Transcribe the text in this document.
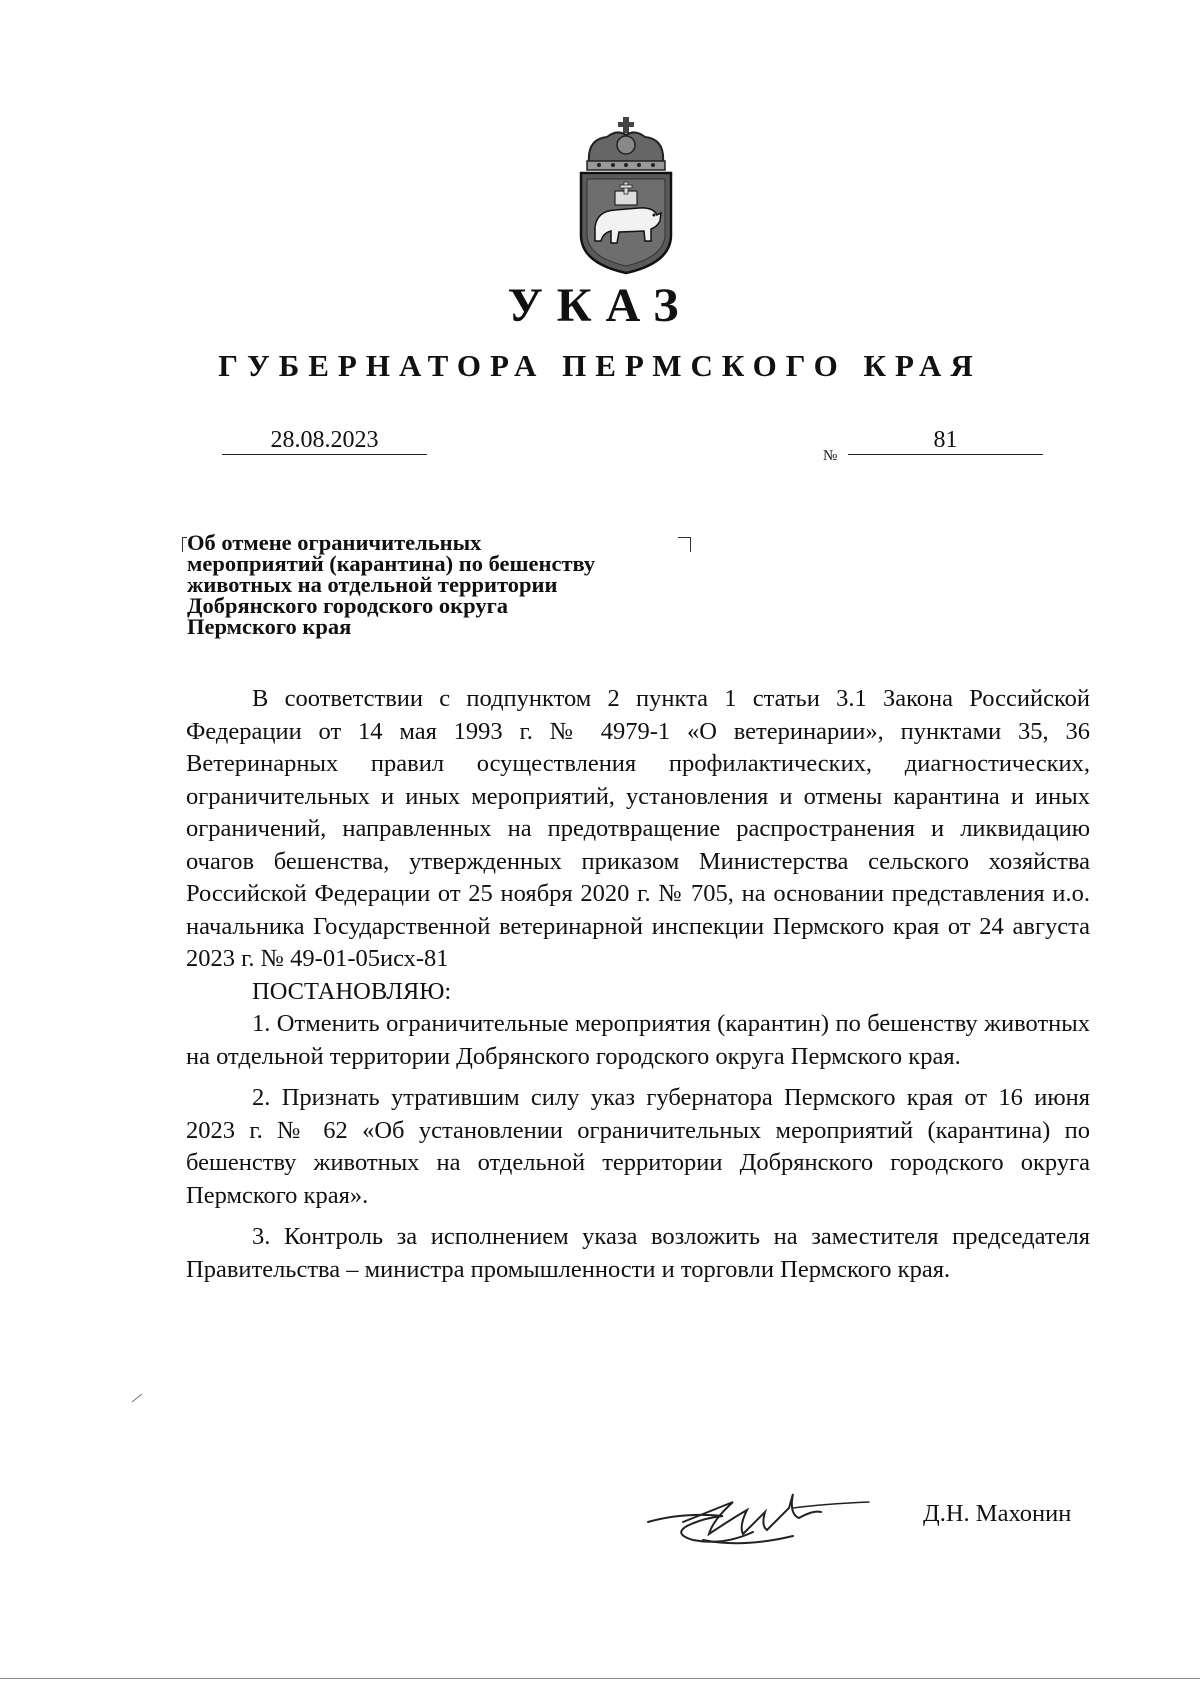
УКАЗ
ГУБЕРНАТОРА ПЕРМСКОГО КРАЯ
28.08.2023
№
81
Об отмене ограничительных
мероприятий (карантина) по бешенству
животных на отдельной территории
Добрянского городского округа
Пермского края

В соответствии с подпунктом 2 пункта 1 статьи 3.1 Закона Российской Федерации от 14 мая 1993 г. № 4979-1 «О ветеринарии», пунктами 35, 36 Ветеринарных правил осуществления профилактических, диагностических, ограничительных и иных мероприятий, установления и отмены карантина и иных ограничений, направленных на предотвращение распространения и ликвидацию очагов бешенства, утвержденных приказом Министерства сельского хозяйства Российской Федерации от 25 ноября 2020 г. № 705, на основании представления и.о. начальника Государственной ветеринарной инспекции Пермского края от 24 августа 2023 г. № 49-01-05исх-81

ПОСТАНОВЛЯЮ:

1. Отменить ограничительные мероприятия (карантин) по бешенству животных на отдельной территории Добрянского городского округа Пермского края.

2. Признать утратившим силу указ губернатора Пермского края от 16 июня 2023 г. № 62 «Об установлении ограничительных мероприятий (карантина) по бешенству животных на отдельной территории Добрянского городского округа Пермского края».

3. Контроль за исполнением указа возложить на заместителя председателя Правительства – министра промышленности и торговли Пермского края.

Д.Н. Махонин
